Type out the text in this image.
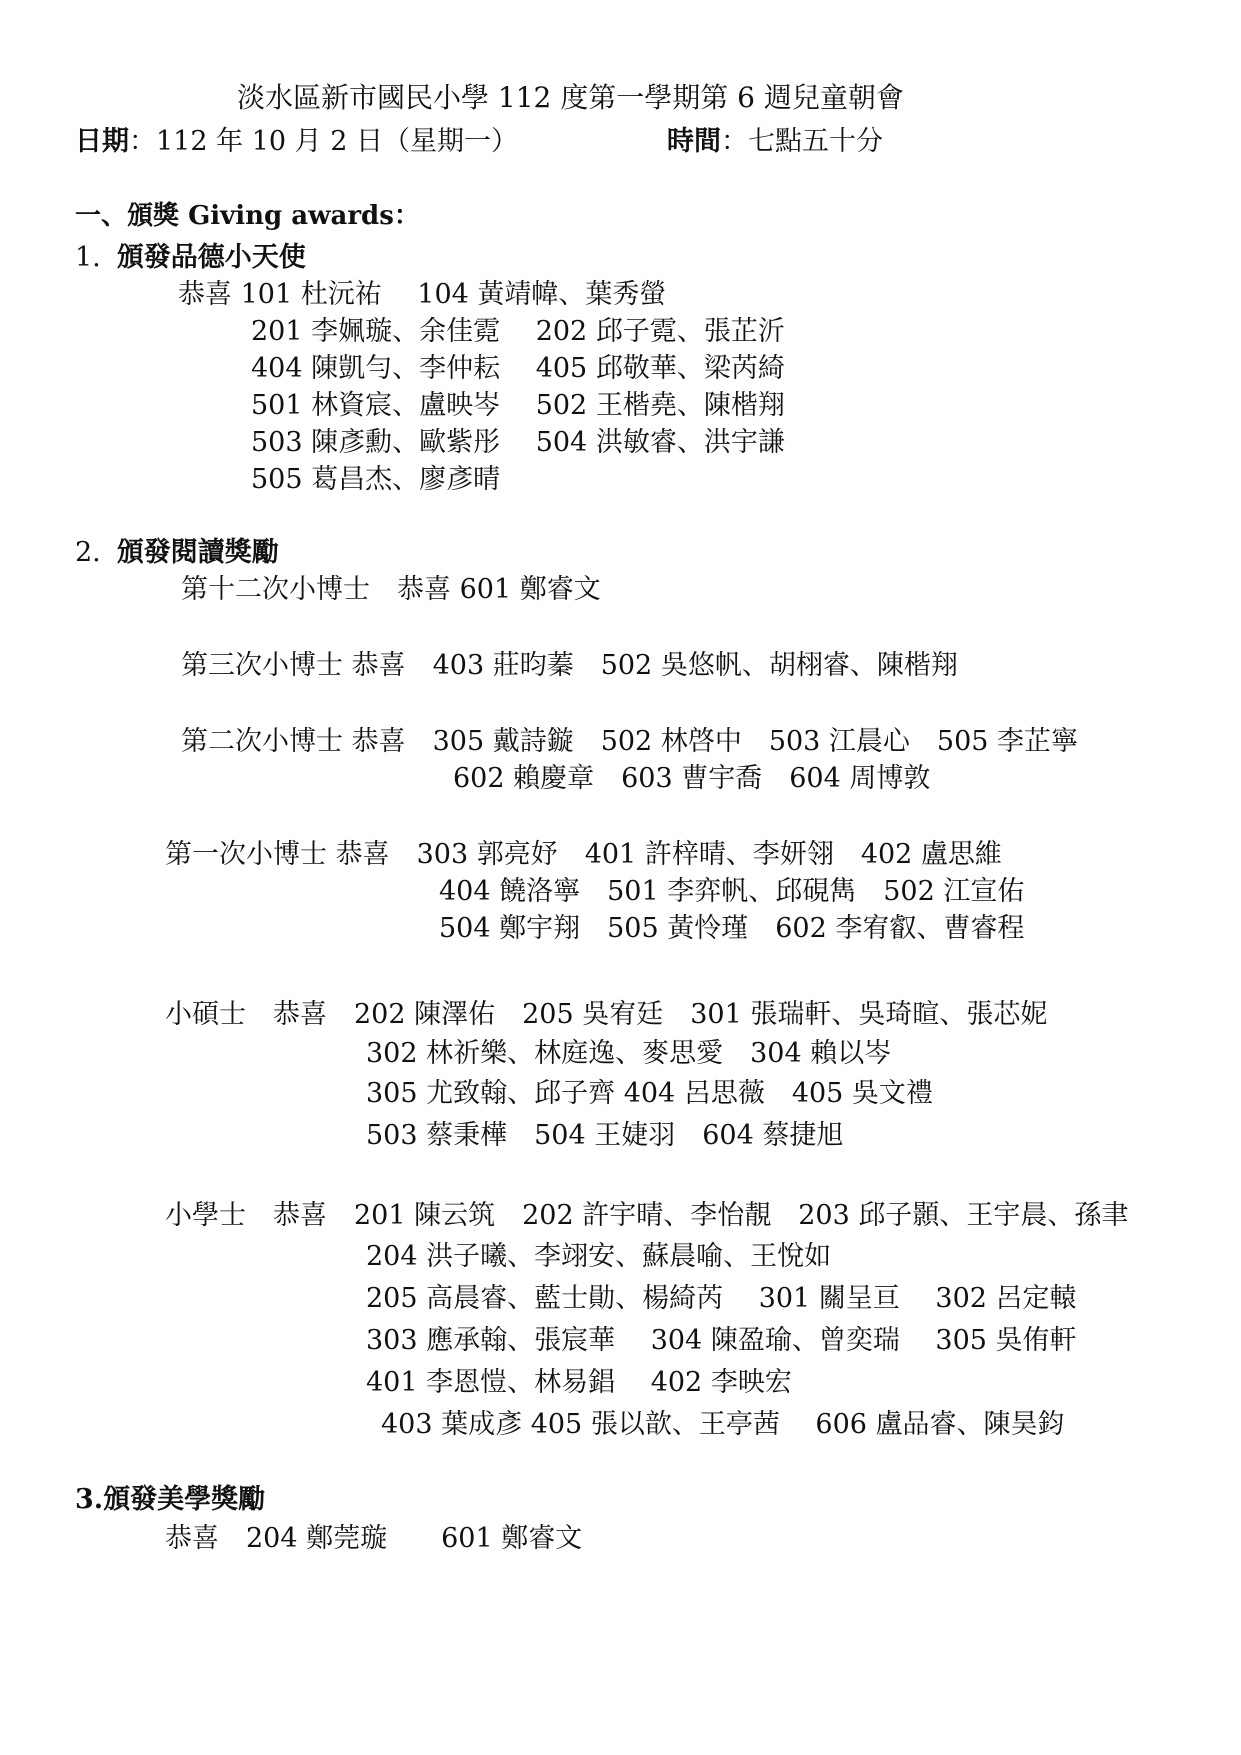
淡水區新市國民小學 112 度第一學期第 6 週兒童朝會
日期：112 年 10 月 2 日（星期一）	時間：七點五十分
一、頒獎 Giving awards：
1. 頒發品德小天使
恭喜 101 杜沅祐　 104 黃靖幃、葉秀螢
201 李姵璇、余佳霓　 202 邱子霓、張芷沂
404 陳凱勻、李仲耘　 405 邱敬華、梁芮綺
501 林資宸、盧映岑　 502 王楷堯、陳楷翔
503 陳彥勳、歐紫彤　 504 洪敏睿、洪宇謙
505 葛昌杰、廖彥晴
2. 頒發閱讀獎勵
第十二次小博士　恭喜 601 鄭睿文
第三次小博士 恭喜　403 莊昀蓁　502 吳悠帆、胡栩睿、陳楷翔
第二次小博士 恭喜　305 戴詩鏇　502 林啓中　503 江晨心　505 李芷寧
602 賴慶章　603 曹宇喬　604 周博敦
第一次小博士 恭喜　303 郭亮妤　401 許梓晴、李妍翎　402 盧思維
404 饒洛寧　501 李弈帆、邱硯雋　502 江宣佑
504 鄭宇翔　505 黃怜瑾　602 李宥叡、曹睿程
小碩士　恭喜　202 陳澤佑　205 吳宥廷　301 張瑞軒、吳琦暄、張芯妮
302 林祈樂、林庭逸、麥思愛　304 賴以岑
305 尤致翰、邱子齊 404 呂思薇　405 吳文禮
503 蔡秉樺　504 王婕羽　604 蔡捷旭
小學士　恭喜　201 陳云筑　202 許宇晴、李怡靚　203 邱子顥、王宇晨、孫聿
204 洪子曦、李翊安、蘇晨喻、王悅如
205 高晨睿、藍士勛、楊綺芮　 301 關呈亘　 302 呂定轅
303 應承翰、張宸華　 304 陳盈瑜、曾奕瑞　 305 吳侑軒
401 李恩愷、林易錩　 402 李映宏
403 葉成彥 405 張以歆、王亭茜　 606 盧品睿、陳昊鈞
3.頒發美學獎勵
恭喜　204 鄭莞璇　　601 鄭睿文
